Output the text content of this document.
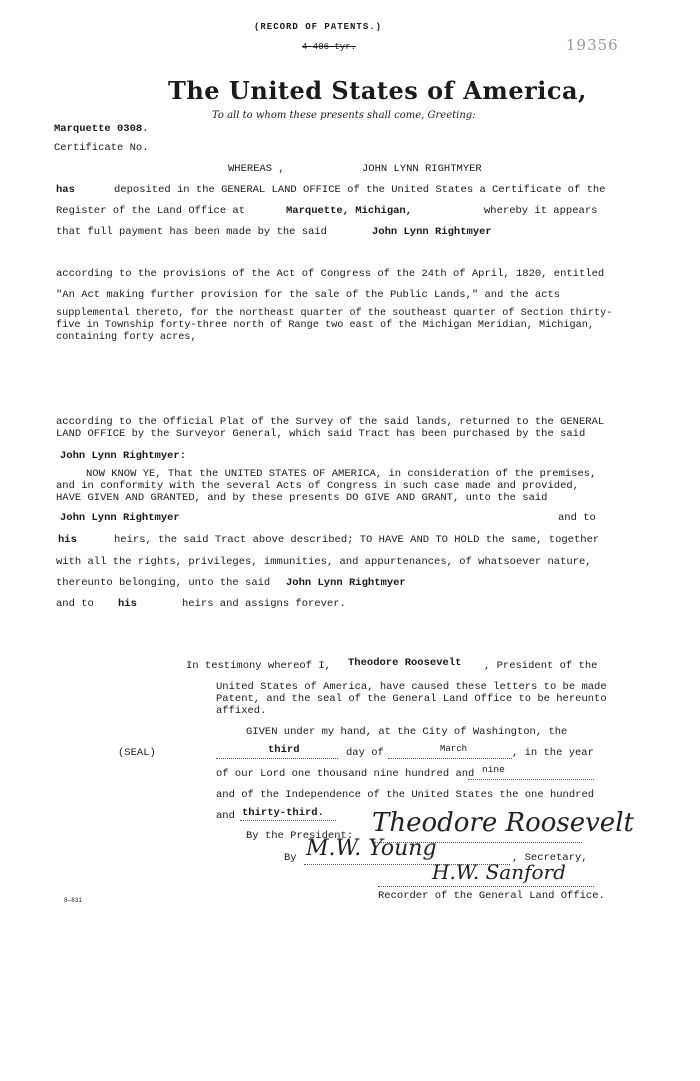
(RECORD OF PATENTS.)
4-406-tyr.	19356
The United States of America,
To all to whom these presents shall come, Greeting:
Marquette 0308.
Certificate No.
WHEREAS ,	JOHN LYNN RIGHTMYER
has	deposited in the GENERAL LAND OFFICE of the United States a Certificate of the
Register of the Land Office at	Marquette, Michigan,	whereby it appears
that full payment has been made by the said	John Lynn Rightmyer
according to the provisions of the Act of Congress of the 24th of April, 1820, entitled
"An Act making further provision for the sale of the Public Lands," and the acts
supplemental thereto, for the northeast quarter of the southeast quarter of Section thirty-
five in Township forty-three north of Range two east of the Michigan Meridian, Michigan,
containing forty acres,
according to the Official Plat of the Survey of the said lands, returned to the GENERAL
LAND OFFICE by the Surveyor General, which said Tract has been purchased by the said
John Lynn Rightmyer:
NOW KNOW YE, That the UNITED STATES OF AMERICA, in consideration of the premises,
and in conformity with the several Acts of Congress in such case made and provided,
HAVE GIVEN AND GRANTED, and by these presents DO GIVE AND GRANT, unto the said
John Lynn Rightmyer	and to
his	heirs, the said Tract above described; TO HAVE AND TO HOLD the same, together
with all the rights, privileges, immunities, and appurtenances, of whatsoever nature,
thereunto belonging, unto the said John Lynn Rightmyer
and to his	heirs and assigns forever.
In testimony whereof I, Theodore Roosevelt , President of the
United States of America, have caused these letters to be made
Patent, and the seal of the General Land Office to be hereunto
affixed.
GIVEN under my hand, at the City of Washington, the
(SEAL)	third	day of	March	, in the year
of our Lord one thousand nine hundred and nine
and of the Independence of the United States the one hundred
and thirty-third.
By the President: Theodore Roosevelt
By M.W. Young	, Secretary,
H.W. Sanford
Recorder of the General Land Office.
8—831
